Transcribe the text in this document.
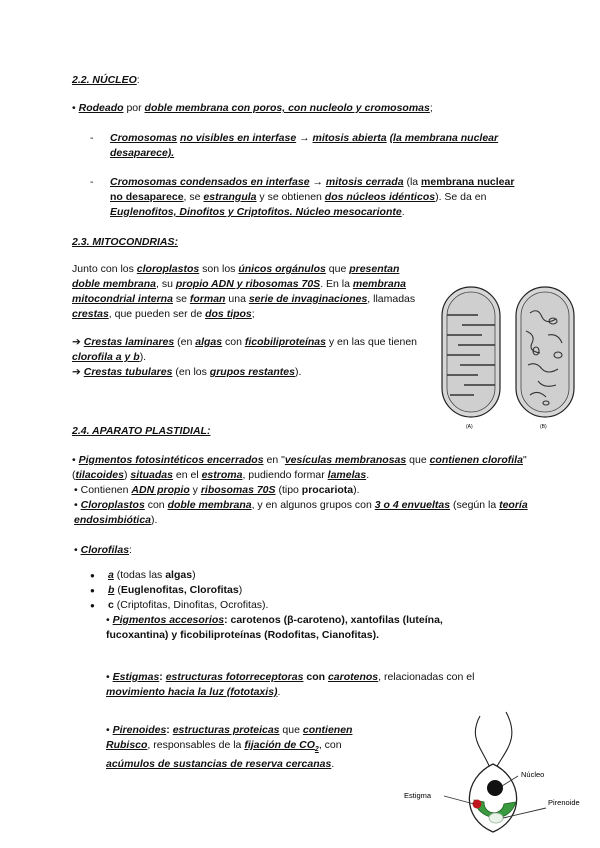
2.2. NÚCLEO:
• Rodeado por doble membrana con poros, con nucleolo y cromosomas;
- Cromosomas no visibles en interfase → mitosis abierta (la membrana nuclear desaparece).
- Cromosomas condensados en interfase → mitosis cerrada (la membrana nuclear no desaparece, se estrangula y se obtienen dos núcleos idénticos). Se da en Euglenofitos, Dinofitos y Criptofitos. Núcleo mesocarionte.
2.3. MITOCONDRIAS:
Junto con los cloroplastos son los únicos orgánulos que presentan doble membrana, su propio ADN y ribosomas 70S. En la membrana mitocondrial interna se forman una serie de invaginaciones, llamadas crestas, que pueden ser de dos tipos;
➔ Crestas laminares (en algas con ficobiliproteínas y en las que tienen clorofila a y b).
➔ Crestas tubulares (en los grupos restantes).
(A)	(B)
2.4. APARATO PLASTIDIAL:
• Pigmentos fotosintéticos encerrados en "vesículas membranosas que contienen clorofila" (tilacoides) situadas en el estroma, pudiendo formar lamelas.
• Contienen ADN propio y ribosomas 70S (tipo procariota).
• Cloroplastos con doble membrana, y en algunos grupos con 3 o 4 envueltas (según la teoría endosimbiótica).
• Clorofilas:
● a (todas las algas)
● b (Euglenofitas, Clorofitas)
● c (Criptofitas, Dinofitas, Ocrofitas).
• Pigmentos accesorios: carotenos (β-caroteno), xantofilas (luteína, fucoxantina) y ficobiliproteínas (Rodofitas, Cianofitas).
• Estigmas: estructuras fotorreceptoras con carotenos, relacionadas con el movimiento hacia la luz (fototaxis).
• Pirenoides: estructuras proteicas que contienen Rubisco, responsables de la fijación de $CO_2$, con acúmulos de sustancias de reserva cercanas.
Núcleo
Estigma
Pirenoide
